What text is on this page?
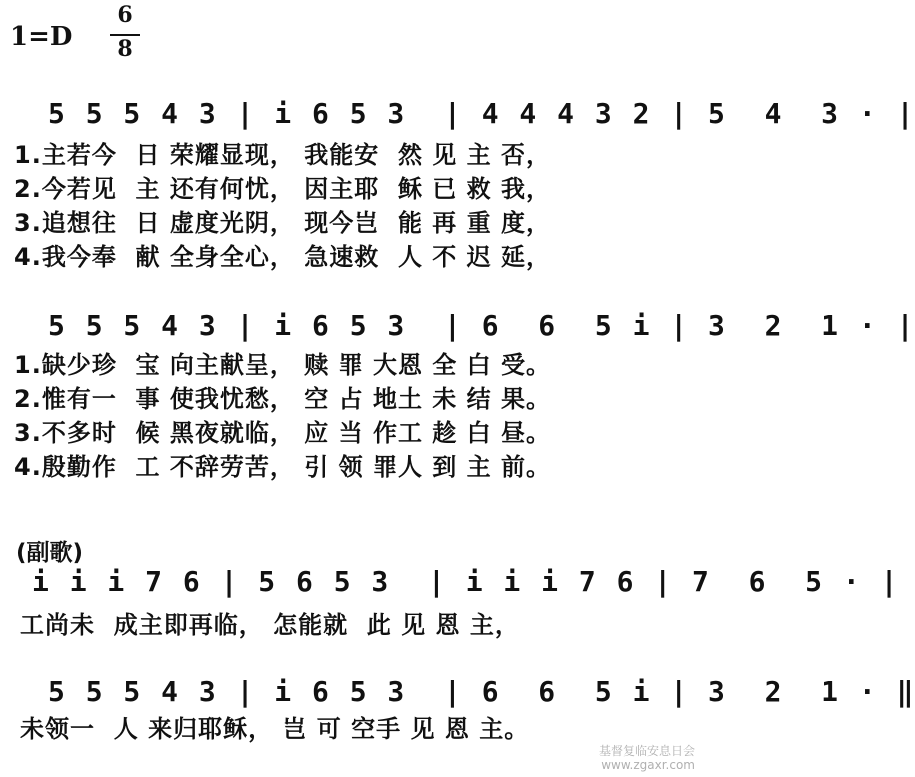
1=D
6
8
5 5 5 4 3 | i 6 5 3  | 4 4 4 3 2 | 5  4  3 · |
1.主若今  日 荣耀显现， 我能安  然 见 主 否，
2.今若见  主 还有何忧， 因主耶  稣 已 救 我，
3.追想往  日 虚度光阴， 现今岂  能 再 重 度，
4.我今奉  献 全身全心， 急速救  人 不 迟 延，
5 5 5 4 3 | i 6 5 3  | 6  6  5 i | 3  2  1 · |
1.缺少珍  宝 向主献呈， 赎 罪 大恩 全 白 受。
2.惟有一  事 使我忧愁， 空 占 地土 未 结 果。
3.不多时  候 黑夜就临， 应 当 作工 趁 白 昼。
4.殷勤作  工 不辞劳苦， 引 领 罪人 到 主 前。
(副歌)
i i i 7 6 | 5 6 5 3  | i i i 7 6 | 7  6  5 · |
工尚未  成主即再临， 怎能就  此 见 恩 主，
5 5 5 4 3 | i 6 5 3  | 6  6  5 i | 3  2  1 · ‖
未领一  人 来归耶稣， 岂 可 空手 见 恩 主。
基督复临安息日会
www.zgaxr.com
